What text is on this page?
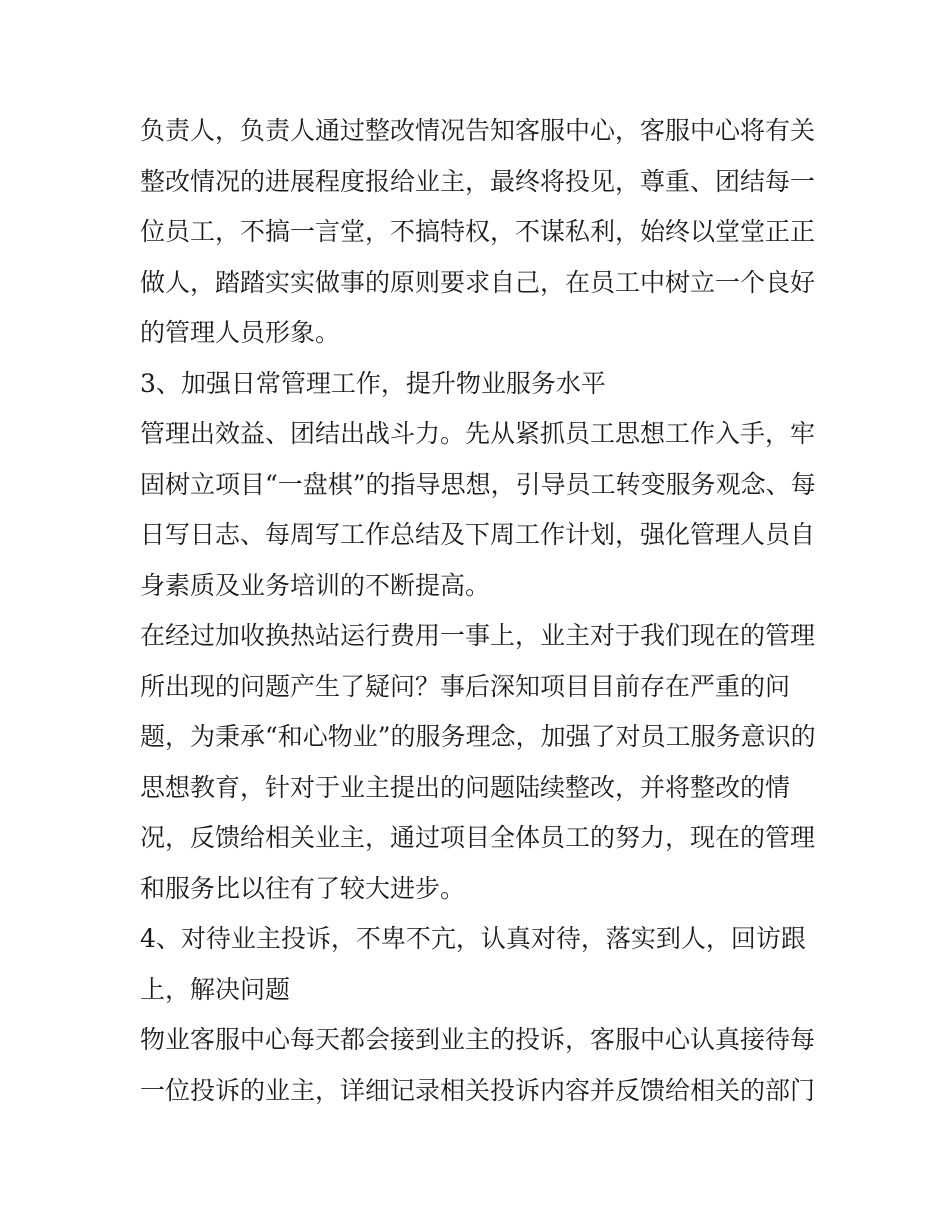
负责人，负责人通过整改情况告知客服中心，客服中心将有关
整改情况的进展程度报给业主，最终将投见，尊重、团结每一
位员工，不搞一言堂，不搞特权，不谋私利，始终以堂堂正正
做人，踏踏实实做事的原则要求自己，在员工中树立一个良好
的管理人员形象。
3、加强日常管理工作，提升物业服务水平
管理出效益、团结出战斗力。先从紧抓员工思想工作入手，牢
固树立项目“一盘棋”的指导思想，引导员工转变服务观念、每
日写日志、每周写工作总结及下周工作计划，强化管理人员自
身素质及业务培训的不断提高。
在经过加收换热站运行费用一事上，业主对于我们现在的管理
所出现的问题产生了疑问？事后深知项目目前存在严重的问
题，为秉承“和心物业”的服务理念，加强了对员工服务意识的
思想教育，针对于业主提出的问题陆续整改，并将整改的情
况，反馈给相关业主，通过项目全体员工的努力，现在的管理
和服务比以往有了较大进步。
4、对待业主投诉，不卑不亢，认真对待，落实到人，回访跟
上，解决问题
物业客服中心每天都会接到业主的投诉，客服中心认真接待每
一位投诉的业主，详细记录相关投诉内容并反馈给相关的部门
